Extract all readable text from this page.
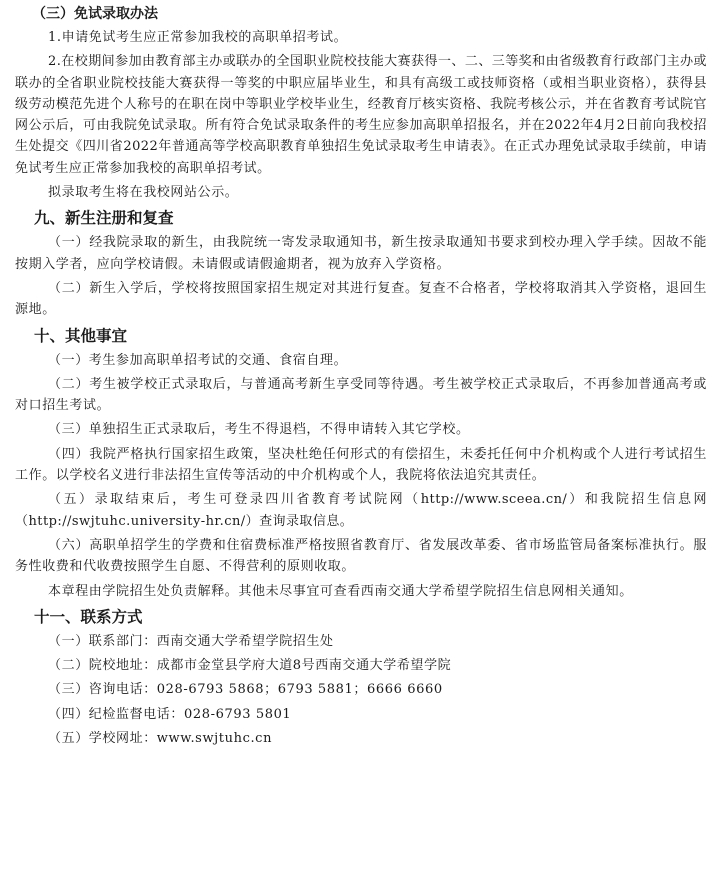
（三）免试录取办法

1.申请免试考生应正常参加我校的高职单招考试。

2.在校期间参加由教育部主办或联办的全国职业院校技能大赛获得一、二、三等奖和由省级教育行政部门主办或联办的全省职业院校技能大赛获得一等奖的中职应届毕业生，和具有高级工或技师资格（或相当职业资格），获得县级劳动模范先进个人称号的在职在岗中等职业学校毕业生，经教育厅核实资格、我院考核公示，并在省教育考试院官网公示后，可由我院免试录取。所有符合免试录取条件的考生应参加高职单招报名，并在2022年4月2日前向我校招生处提交《四川省2022年普通高等学校高职教育单独招生免试录取考生申请表》。在正式办理免试录取手续前，申请免试考生应正常参加我校的高职单招考试。

拟录取考生将在我校网站公示。

九、新生注册和复查

（一）经我院录取的新生，由我院统一寄发录取通知书，新生按录取通知书要求到校办理入学手续。因故不能按期入学者，应向学校请假。未请假或请假逾期者，视为放弃入学资格。

（二）新生入学后，学校将按照国家招生规定对其进行复查。复查不合格者，学校将取消其入学资格，退回生源地。

十、其他事宜

（一）考生参加高职单招考试的交通、食宿自理。

（二）考生被学校正式录取后，与普通高考新生享受同等待遇。考生被学校正式录取后，不再参加普通高考或对口招生考试。

（三）单独招生正式录取后，考生不得退档，不得申请转入其它学校。

（四）我院严格执行国家招生政策，坚决杜绝任何形式的有偿招生，未委托任何中介机构或个人进行考试招生工作。以学校名义进行非法招生宣传等活动的中介机构或个人，我院将依法追究其责任。

（五）录取结束后，考生可登录四川省教育考试院网（http://www.sceea.cn/）和我院招生信息网（http://swjtuhc.university-hr.cn/）查询录取信息。

（六）高职单招学生的学费和住宿费标准严格按照省教育厅、省发展改革委、省市场监管局备案标准执行。服务性收费和代收费按照学生自愿、不得营利的原则收取。

本章程由学院招生处负责解释。其他未尽事宜可查看西南交通大学希望学院招生信息网相关通知。

十一、联系方式

（一）联系部门：西南交通大学希望学院招生处

（二）院校地址：成都市金堂县学府大道8号西南交通大学希望学院

（三）咨询电话：028-6793 5868；6793 5881；6666 6660

（四）纪检监督电话：028-6793 5801

（五）学校网址：www.swjtuhc.cn
